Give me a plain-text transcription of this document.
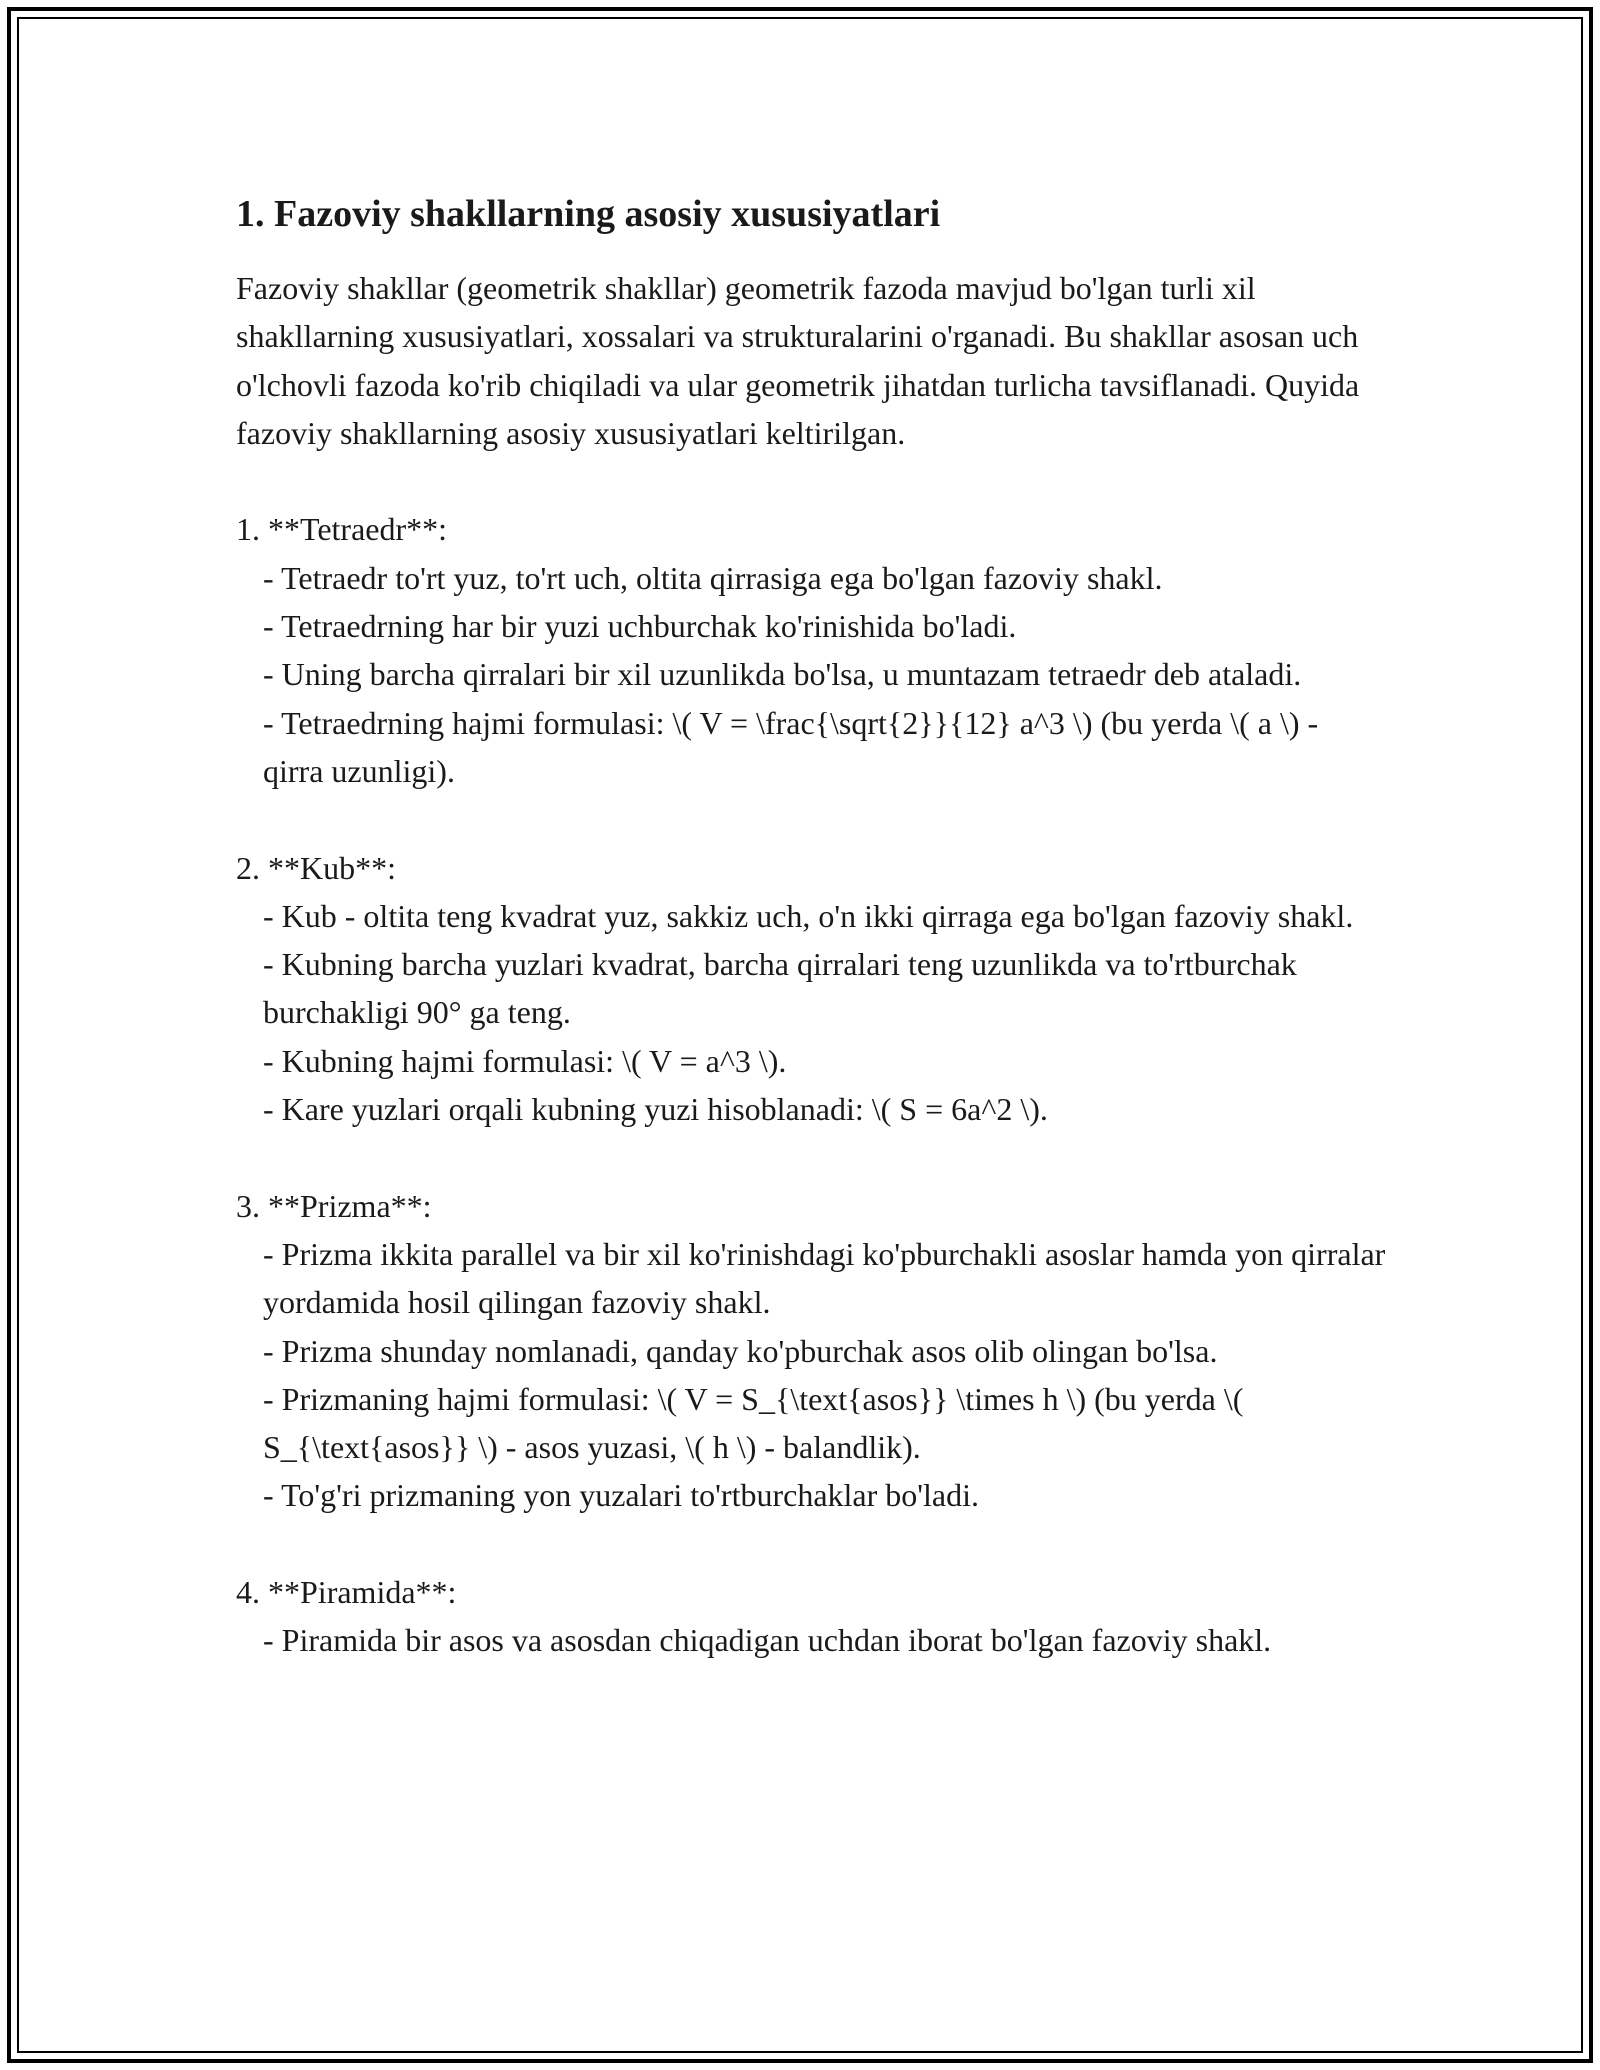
1. Fazoviy shakllarning asosiy xususiyatlari

Fazoviy shakllar (geometrik shakllar) geometrik fazoda mavjud bo'lgan turli xil shakllarning xususiyatlari, xossalari va strukturalarini o'rganadi. Bu shakllar asosan uch o'lchovli fazoda ko'rib chiqiladi va ular geometrik jihatdan turlicha tavsiflanadi. Quyida fazoviy shakllarning asosiy xususiyatlari keltirilgan.

1. **Tetraedr**:
- Tetraedr to'rt yuz, to'rt uch, oltita qirrasiga ega bo'lgan fazoviy shakl.
- Tetraedrning har bir yuzi uchburchak ko'rinishida bo'ladi.
- Uning barcha qirralari bir xil uzunlikda bo'lsa, u muntazam tetraedr deb ataladi.
- Tetraedrning hajmi formulasi: \( V = \frac{\sqrt{2}}{12} a^3 \) (bu yerda \( a \) - qirra uzunligi).
2. **Kub**:
- Kub - oltita teng kvadrat yuz, sakkiz uch, o'n ikki qirraga ega bo'lgan fazoviy shakl.
- Kubning barcha yuzlari kvadrat, barcha qirralari teng uzunlikda va to'rtburchak burchakligi 90° ga teng.
- Kubning hajmi formulasi: \( V = a^3 \).
- Kare yuzlari orqali kubning yuzi hisoblanadi: \( S = 6a^2 \).
3. **Prizma**:
- Prizma ikkita parallel va bir xil ko'rinishdagi ko'pburchakli asoslar hamda yon qirralar yordamida hosil qilingan fazoviy shakl.
- Prizma shunday nomlanadi, qanday ko'pburchak asos olib olingan bo'lsa.
- Prizmaning hajmi formulasi: \( V = S_{\text{asos}} \times h \) (bu yerda \( S_{\text{asos}} \) - asos yuzasi, \( h \) - balandlik).
- To'g'ri prizmaning yon yuzalari to'rtburchaklar bo'ladi.
4. **Piramida**:
- Piramida bir asos va asosdan chiqadigan uchdan iborat bo'lgan fazoviy shakl.
